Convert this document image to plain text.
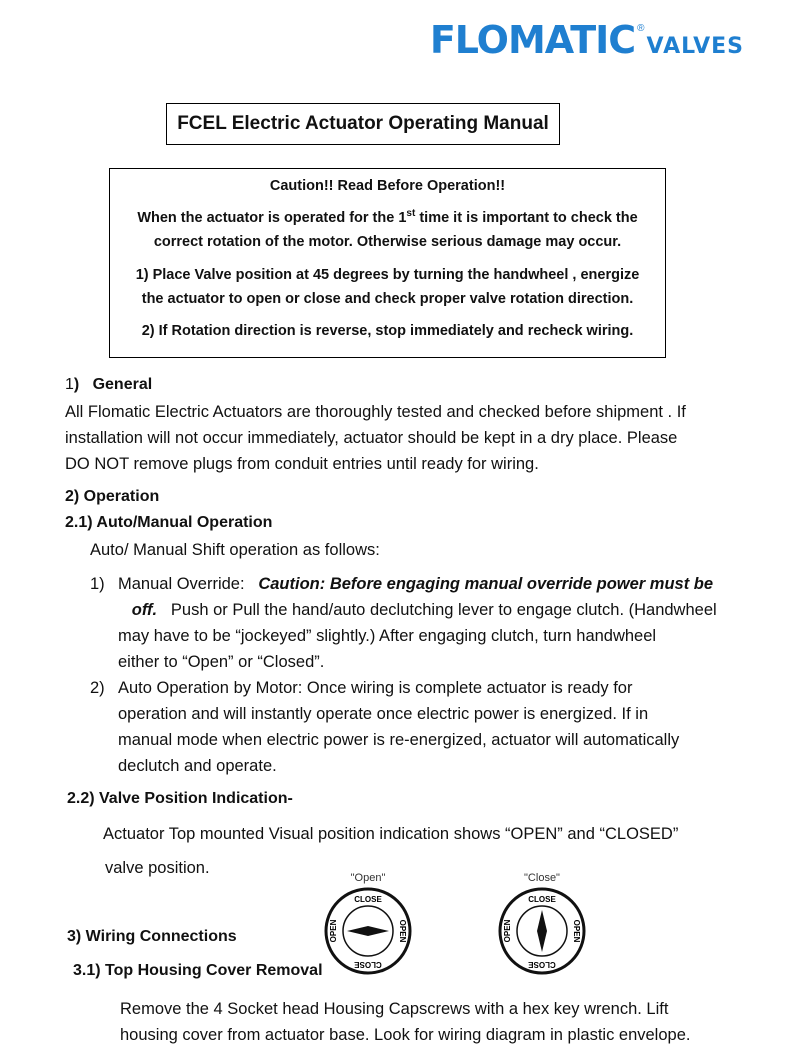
FLOMATIC ®
VALVES
FCEL Electric Actuator Operating Manual
Caution!! Read Before Operation!!
When the actuator is operated for the 1st time it is important to check the
correct rotation of the motor. Otherwise serious damage may occur.
1) Place Valve position at 45 degrees by turning the handwheel , energize
the actuator to open or close and check proper valve rotation direction.
2) If Rotation direction is reverse, stop immediately and recheck wiring.
1)   General
All Flomatic Electric Actuators are thoroughly tested and checked before shipment . If
installation will not occur immediately, actuator should be kept in a dry place. Please
DO NOT remove plugs from conduit entries until ready for wiring.
2) Operation
2.1) Auto/Manual Operation
Auto/ Manual Shift operation as follows:
1) Manual Override: Caution: Before engaging manual override power must be
off. Push or Pull the hand/auto declutching lever to engage clutch. (Handwheel
may have to be “jockeyed” slightly.) After engaging clutch, turn handwheel
either to “Open” or “Closed”.
2) Auto Operation by Motor: Once wiring is complete actuator is ready for
operation and will instantly operate once electric power is energized. If in
manual mode when electric power is re-energized, actuator will automatically
declutch and operate.
2.2) Valve Position Indication-
Actuator Top mounted Visual position indication shows “OPEN” and “CLOSED”
valve position.
"Open"
CLOSE
CLOSE
OPEN	OPEN
"Close"
CLOSE
CLOSE
OPEN	OPEN
3) Wiring Connections
3.1) Top Housing Cover Removal
Remove the 4 Socket head Housing Capscrews with a hex key wrench. Lift
housing cover from actuator base. Look for wiring diagram in plastic envelope.
